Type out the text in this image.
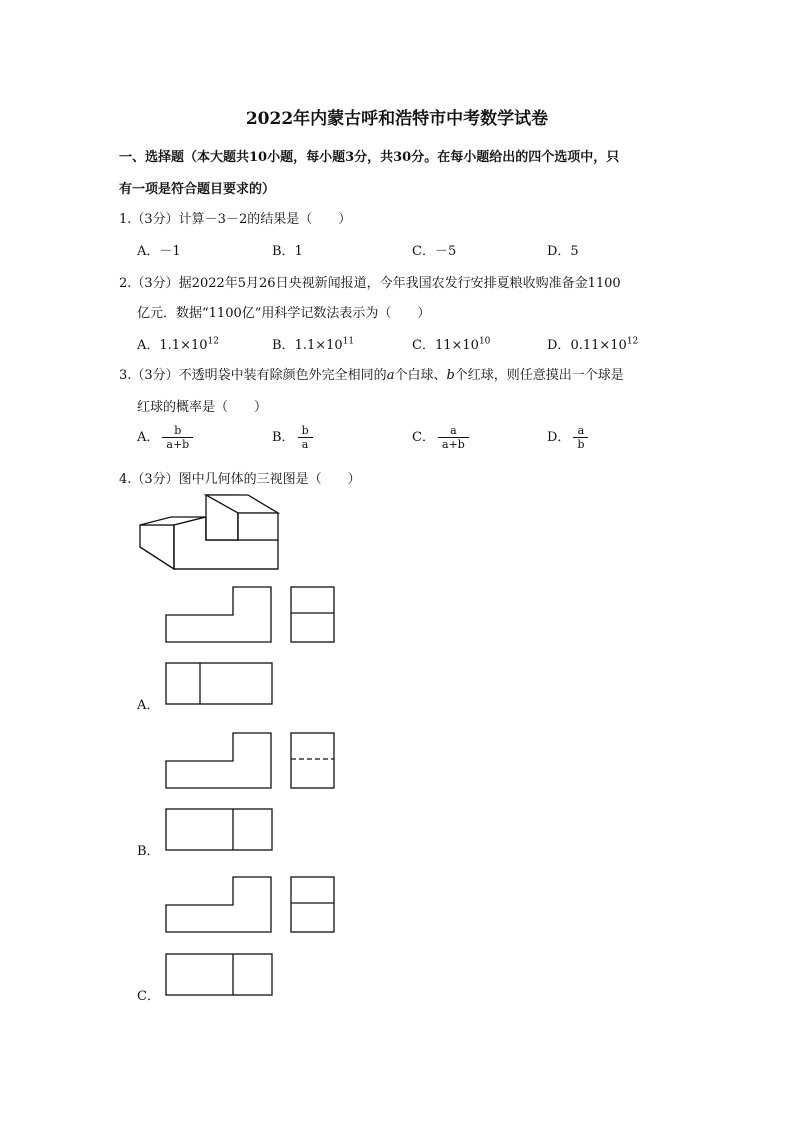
2022年内蒙古呼和浩特市中考数学试卷
一、选择题（本大题共10小题，每小题3分，共30分。在每小题给出的四个选项中，只
有一项是符合题目要求的）
1.（3分）计算－3－2的结果是（　　）
A．－1	B．1	C．－5	D．5
2.（3分）据2022年5月26日央视新闻报道，今年我国农发行安排夏粮收购准备金1100
亿元．数据“1100亿”用科学记数法表示为（　　）
A．$1.1\times 10^{12}$	B．$1.1\times 10^{11}$	C．$11\times 10^{10}$	D．$0.11\times 10^{12}$
3.（3分）不透明袋中装有除颜色外完全相同的a个白球、b个红球，则任意摸出一个球是
红球的概率是（　　）
A． $\frac{b}{a+b}$	B． $\frac{b}{a}$	C． $\frac{a}{a+b}$	D． $\frac{a}{b}$
4.（3分）图中几何体的三视图是（　　）
A．
B．
C．
